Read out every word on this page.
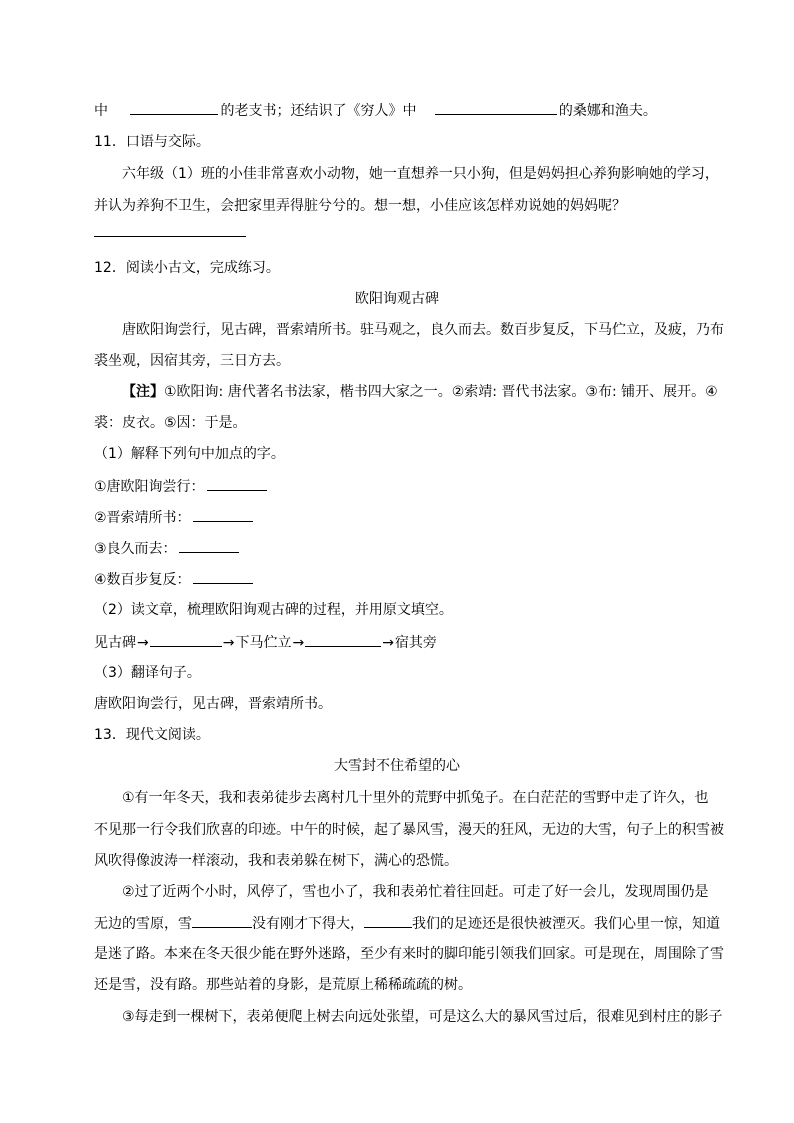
中	的老支书；还结识了《穷人》中	的桑娜和渔夫。
11．口语与交际。
六年级（1）班的小佳非常喜欢小动物，她一直想养一只小狗，但是妈妈担心养狗影响她的学习，
并认为养狗不卫生，会把家里弄得脏兮兮的。想一想，小佳应该怎样劝说她的妈妈呢？
12．阅读小古文，完成练习。
欧阳询观古碑
唐欧阳询尝行，见古碑，晋索靖所书。驻马观之，良久而去。数百步复反，下马伫立，及疲，乃布
裘坐观，因宿其旁，三日方去。
【注】①欧阳询: 唐代著名书法家，楷书四大家之一。②索靖: 晋代书法家。③布: 铺开、展开。④
裘：皮衣。⑤因：于是。
（1）解释下列句中加点的字。
①唐欧阳询尝行：
②晋索靖所书：
③良久而去：
④数百步复反：
（2）读文章，梳理欧阳询观古碑的过程，并用原文填空。
见古碑→	→下马伫立→	→宿其旁
（3）翻译句子。
唐欧阳询尝行，见古碑，晋索靖所书。
13．现代文阅读。
大雪封不住希望的心
①有一年冬天，我和表弟徒步去离村几十里外的荒野中抓兔子。在白茫茫的雪野中走了许久，也
不见那一行令我们欣喜的印迹。中午的时候，起了暴风雪，漫天的狂风，无边的大雪，句子上的积雪被
风吹得像波涛一样滚动，我和表弟躲在树下，满心的恐慌。
②过了近两个小时，风停了，雪也小了，我和表弟忙着往回赶。可走了好一会儿，发现周围仍是
无边的雪原，雪	没有刚才下得大，	我们的足迹还是很快被湮灭。我们心里一惊，知道
是迷了路。本来在冬天很少能在野外迷路，至少有来时的脚印能引领我们回家。可是现在，周围除了雪
还是雪，没有路。那些站着的身影，是荒原上稀稀疏疏的树。
③每走到一棵树下，表弟便爬上树去向远处张望，可是这么大的暴风雪过后，很难见到村庄的影子
